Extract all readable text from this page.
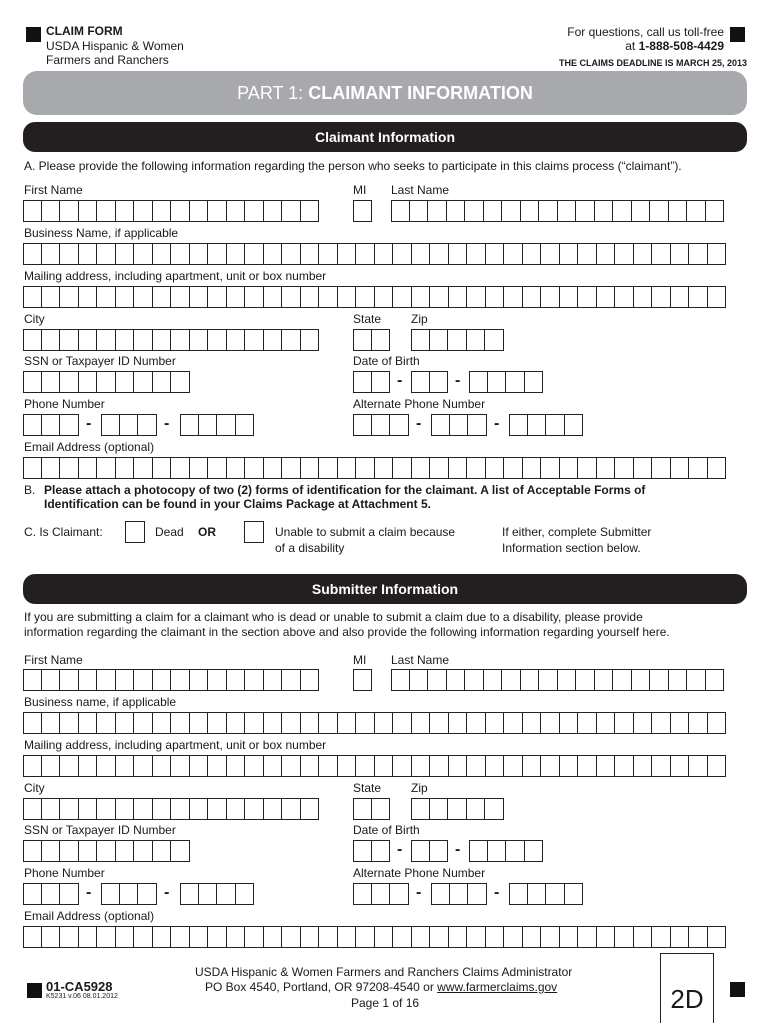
CLAIM FORM
USDA Hispanic & Women
Farmers and Ranchers
For questions, call us toll-free
at 1-888-508-4429
THE CLAIMS DEADLINE IS MARCH 25, 2013
PART 1: CLAIMANT INFORMATION
Claimant Information
A. Please provide the following information regarding the person who seeks to participate in this claims process (“claimant”).
First Name	MI Last Name
Business Name, if applicable
Mailing address, including apartment, unit or box number
City	State Zip
SSN or Taxpayer ID Number	Date of Birth
-	-
Phone Number	Alternate Phone Number
-	-	-	-
Email Address (optional)
B. Please attach a photocopy of two (2) forms of identification for the claimant. A list of Acceptable Forms of
Identification can be found in your Claims Package at Attachment 5.
C. Is Claimant:	Dead OR	Unable to submit a claim because
of a disability
If either, complete Submitter
Information section below.
Submitter Information
If you are submitting a claim for a claimant who is dead or unable to submit a claim due to a disability, please provide
information regarding the claimant in the section above and also provide the following information regarding yourself here.
First Name	MI Last Name
Business name, if applicable
Mailing address, including apartment, unit or box number
City	State Zip
SSN or Taxpayer ID Number	Date of Birth
-	-
Phone Number	Alternate Phone Number
-	-	-	-
Email Address (optional)
01-CA5928
K5231 v.06 08.01.2012
USDA Hispanic & Women Farmers and Ranchers Claims Administrator
PO Box 4540, Portland, OR 97208-4540 or www.farmerclaims.gov
Page 1 of 16	2D
